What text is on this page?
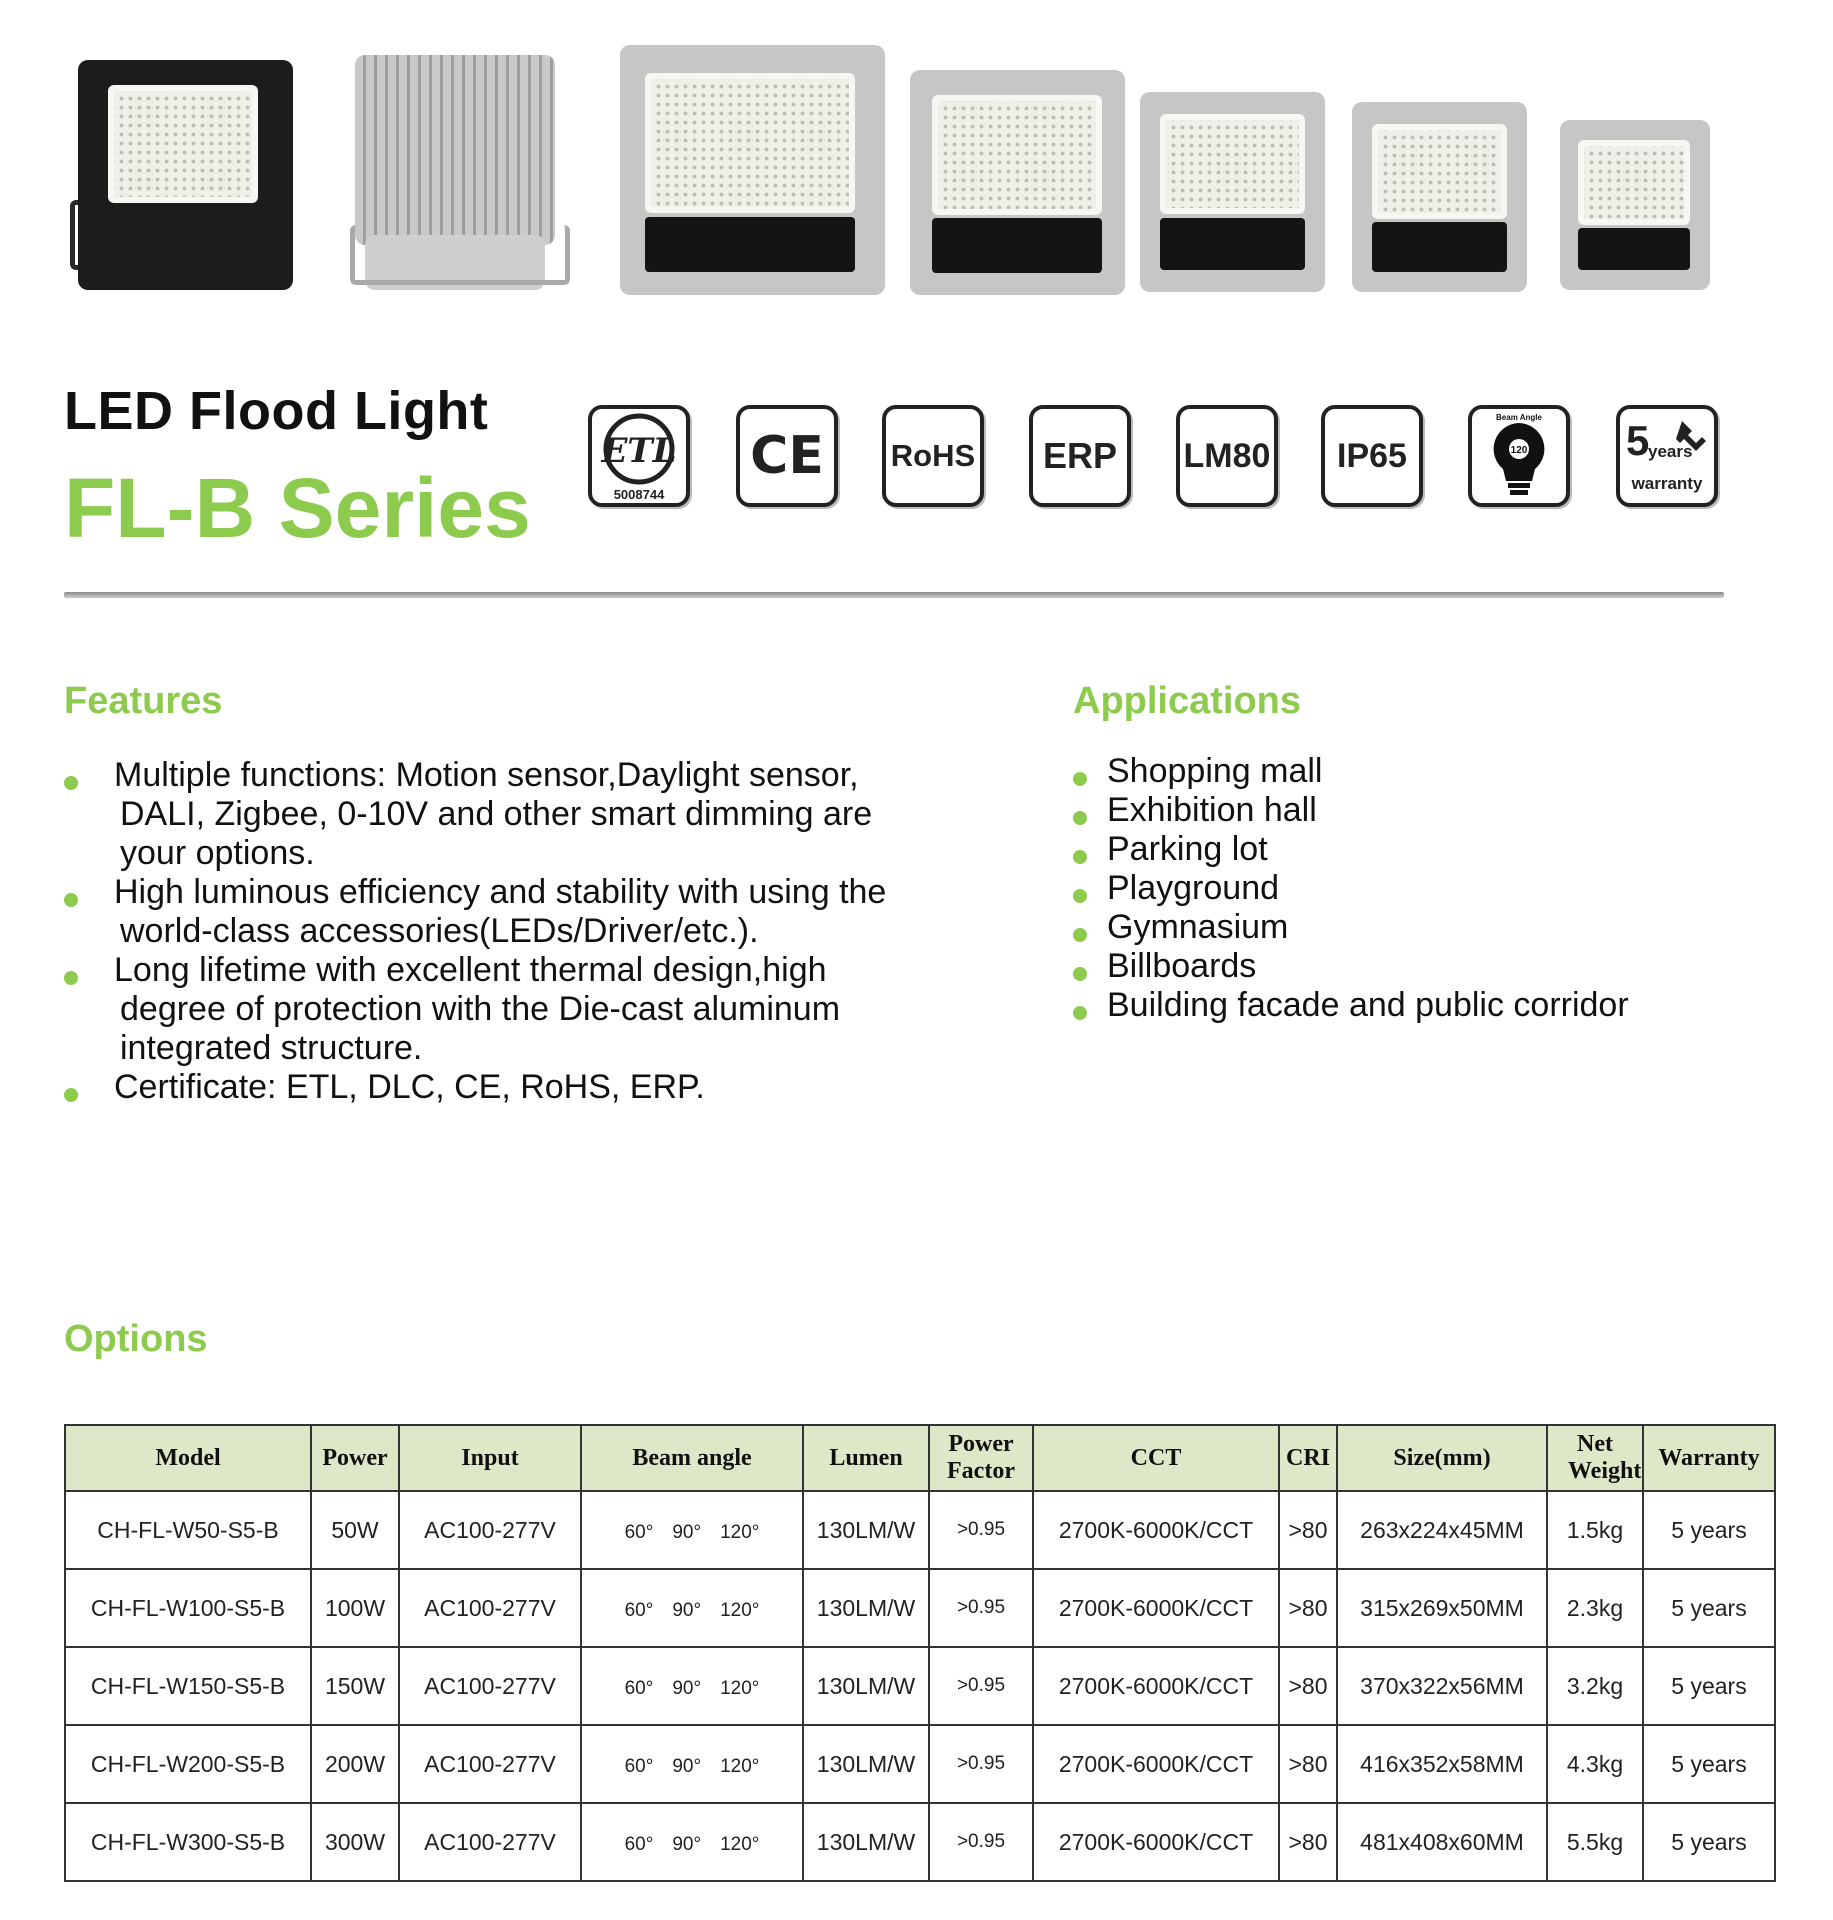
LED Flood Light
FL-B Series
ETL
5008744
CE	RoHS	ERP	LM80	IP65	120
Beam Angle 5
years
warranty
Features
Multiple functions: Motion sensor,Daylight sensor, DALI, Zigbee, 0-10V and other smart dimming are your options.
High luminous efficiency and stability with using the world-class accessories(LEDs/Driver/etc.).
Long lifetime with excellent thermal design,high degree of protection with the Die-cast aluminum integrated structure.
Certificate: ETL, DLC, CE, RoHS, ERP.
Applications
Shopping mall
Exhibition hall
Parking lot
Playground
Gymnasium
Billboards
Building facade and public corridor
Options
Model	Power	Input	Beam angle	Lumen	Power Factor	CCT	CRI	Size(mm)	Net Weight	Warranty
CH-FL-W50-S5-B	50W	AC100-277V	60°　90°　120°	130LM/W	>0.95	2700K-6000K/CCT	>80	263x224x45MM	1.5kg	5 years
CH-FL-W100-S5-B	100W	AC100-277V	60°　90°　120°	130LM/W	>0.95	2700K-6000K/CCT	>80	315x269x50MM	2.3kg	5 years
CH-FL-W150-S5-B	150W	AC100-277V	60°　90°　120°	130LM/W	>0.95	2700K-6000K/CCT	>80	370x322x56MM	3.2kg	5 years
CH-FL-W200-S5-B	200W	AC100-277V	60°　90°　120°	130LM/W	>0.95	2700K-6000K/CCT	>80	416x352x58MM	4.3kg	5 years
CH-FL-W300-S5-B	300W	AC100-277V	60°　90°　120°	130LM/W	>0.95	2700K-6000K/CCT	>80	481x408x60MM	5.5kg	5 years
